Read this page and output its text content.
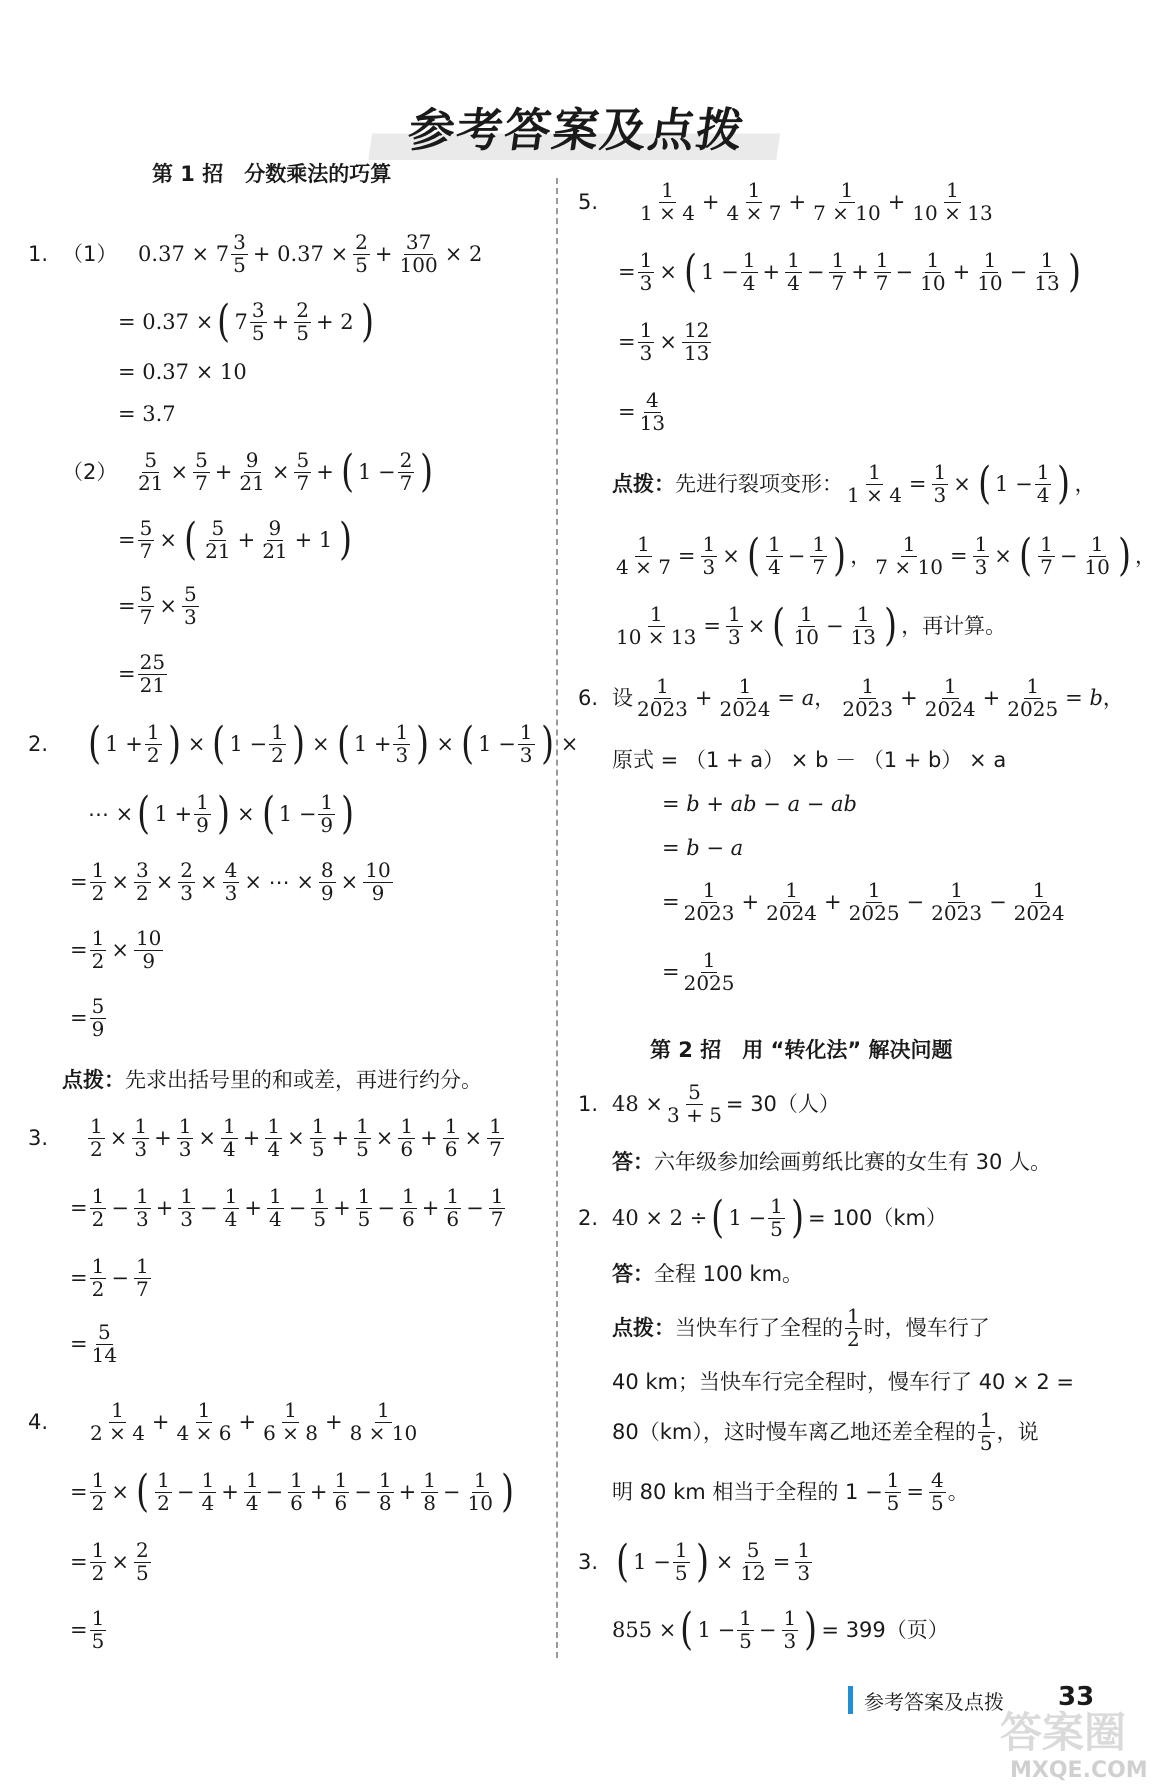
参考答案及点拨
第 1 招　分数乘法的巧算
1. （1） $0.37 \times 7 \frac{3}{5} + 0.37 \times \frac{2}{5} + \frac{37}{100} \times 2$
= 0.37 × ( $7 \frac{3}{5} + \frac{2}{5} + 2$ )
= 0.37 × 10
= 3.7
$(2) \frac{5}{21} \times \frac{5}{7} + \frac{9}{21} \times \frac{5}{7}$ + ( $1 - \frac{2}{7}$ )
= $\frac{5}{7}$ × ( $\frac{5}{21} + \frac{9}{21} + 1$ )
= $\frac{5}{7} \times \frac{5}{3}$
= $\frac{25}{21}$
2. ( $1 + \frac{1}{2}$ ) × ( $1 - \frac{1}{2}$ ) × ( $1 + \frac{1}{3}$ ) × ( $1 - \frac{1}{3}$ ) ×
⋯ × ( $1 + \frac{1}{9}$ ) × ( $1 - \frac{1}{9}$ )
= $\frac{1}{2} \times \frac{3}{2} \times \frac{2}{3} \times \frac{4}{3}$ × ⋯ × $\frac{8}{9} \times \frac{10}{9}$
= $\frac{1}{2} \times \frac{10}{9}$
= $\frac{5}{9}$
点拨： 先求出括号里的和或差，再进行约分。
3.	$\frac{1}{2} \times \frac{1}{3} + \frac{1}{3} \times \frac{1}{4} + \frac{1}{4} \times \frac{1}{5} + \frac{1}{5} \times \frac{1}{6} + \frac{1}{6} \times \frac{1}{7}$
= $\frac{1}{2} - \frac{1}{3} + \frac{1}{3} - \frac{1}{4} + \frac{1}{4} - \frac{1}{5} + \frac{1}{5} - \frac{1}{6} + \frac{1}{6} - \frac{1}{7}$
= $\frac{1}{2} - \frac{1}{7}$
= $\frac{5}{14}$
4.	$\frac{1}{2 \times 4} + \frac{1}{4 \times 6} + \frac{1}{6 \times 8} + \frac{1}{8 \times 10}$
= $\frac{1}{2}$ × ( $\frac{1}{2} - \frac{1}{4} + \frac{1}{4} - \frac{1}{6} + \frac{1}{6} - \frac{1}{8} + \frac{1}{8} - \frac{1}{10}$ )
= $\frac{1}{2} \times \frac{2}{5}$
= $\frac{1}{5}$
5.	$\frac{1}{1 \times 4} + \frac{1}{4 \times 7} + \frac{1}{7 \times 10} + \frac{1}{10 \times 13}$
= $\frac{1}{3}$ × ( $1 - \frac{1}{4} + \frac{1}{4} - \frac{1}{7} + \frac{1}{7} - \frac{1}{10} + \frac{1}{10} - \frac{1}{13}$ )
= $\frac{1}{3} \times \frac{12}{13}$
= $\frac{4}{13}$
点拨： 先进行裂项变形： $\frac{1}{1 \times 4} = \frac{1}{3}$ × ( $1 - \frac{1}{4}$ ) ，
$\frac{1}{4 \times 7} = \frac{1}{3}$ × ( $\frac{1}{4} - \frac{1}{7}$ ) ， $\frac{1}{7 \times 10} = \frac{1}{3}$ × ( $\frac{1}{7} - \frac{1}{10}$ ) ，
$\frac{1}{10 \times 13} = \frac{1}{3}$ × ( $\frac{1}{10} - \frac{1}{13}$ ) ， 再计算。
6. 设 $\frac{1}{2023} + \frac{1}{2024} = a$， $\frac{1}{2023} + \frac{1}{2024} + \frac{1}{2025} = b$，
原式 = （1 + a） × b － （1 + b） × a
= b + ab − a − ab
= b − a
= $\frac{1}{2023} + \frac{1}{2024} + \frac{1}{2025} - \frac{1}{2023} - \frac{1}{2024}$
= $\frac{1}{2025}$
第 2 招　用 “转化法” 解决问题
1. $48 \times \frac{5}{3 + 5} = 30$（人）
答： 六年级参加绘画剪纸比赛的女生有 30 人。
2. 40 × 2 ÷ ( $1 - \frac{1}{5}$ ) = 100（km）
答： 全程 100 km。
点拨： 当快车行了全程的 $\frac{1}{2}$ 时，慢车行了
40 km；当快车行完全程时，慢车行了 40 × 2 =
80（km），这时慢车离乙地还差全程的 $\frac{1}{5}$ ，说
明 80 km 相当于全程的 $1 - \frac{1}{5} = \frac{4}{5}$ 。
3. ( $1 - \frac{1}{5}$ ) × $\frac{5}{12} = \frac{1}{3}$
855 × ( $1 - \frac{1}{5} - \frac{1}{3}$ ) = 399（页）
参考答案及点拨 33
答案圈
MXQE.COM
